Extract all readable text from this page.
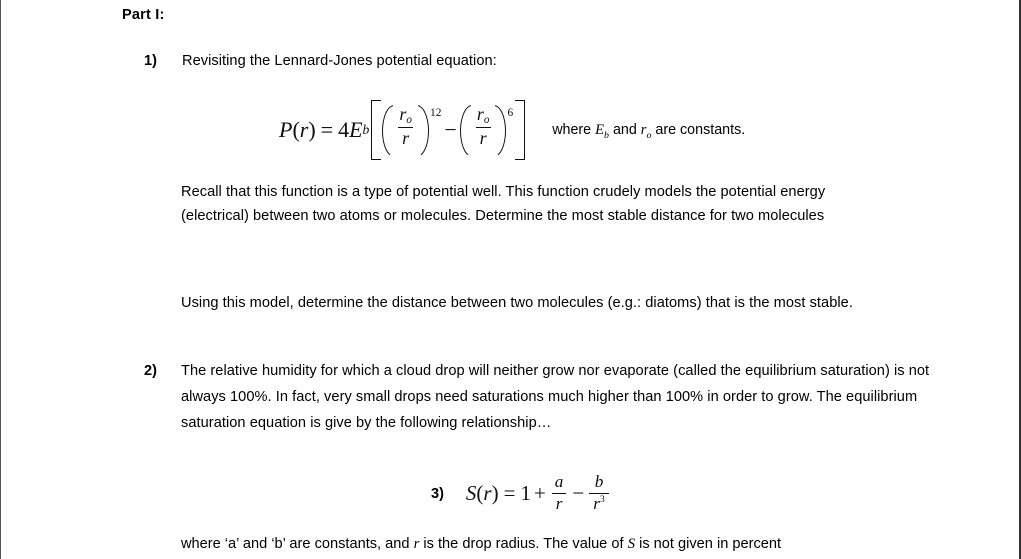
Part I:
1)	Revisiting the Lennard-Jones potential equation:
P ( r ) = 4 E b $\frac{r_o}{r} 12$
− $\frac{r_o}{r} 6$
where $E_b$ and $r_o$ are constants.
Recall that this function is a type of potential well. This function crudely models the potential energy (electrical) between two atoms or molecules. Determine the most stable distance for two molecules
Using this model, determine the distance between two molecules (e.g.: diatoms) that is the most stable.
2)	The relative humidity for which a cloud drop will neither grow nor evaporate (called the equilibrium saturation) is not always 100%. In fact, very small drops need saturations much higher than 100% in order to grow. The equilibrium saturation equation is give by the following relationship…
3) S ( r ) = $1 + \frac{a}{r} - \frac{b}{r^3}$
where ‘a’ and ‘b’ are constants, and r is the drop radius. The value of S is not given in percent
